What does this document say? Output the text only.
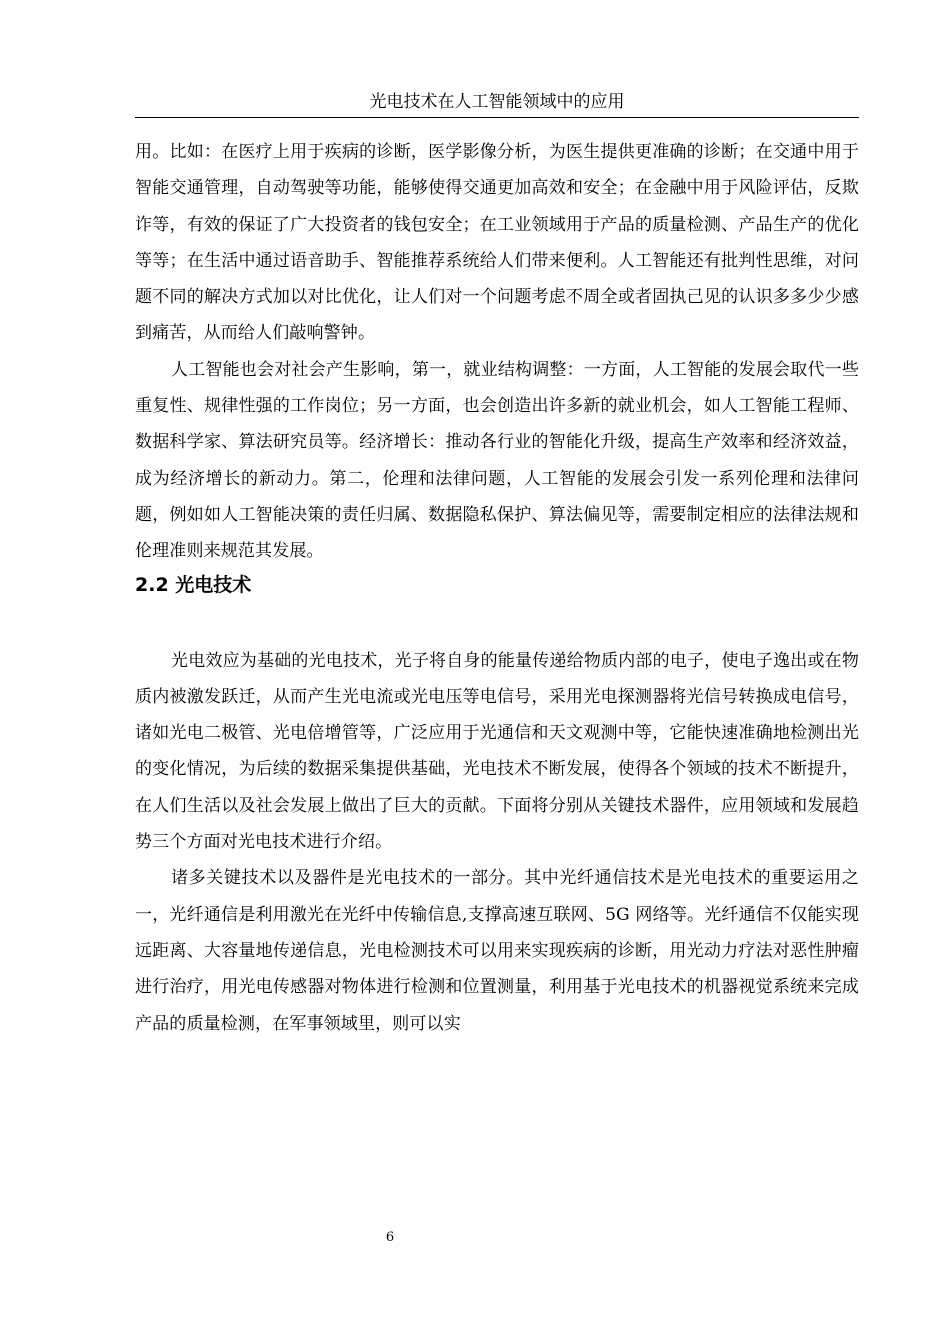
光电技术在人工智能领域中的应用

用。比如：在医疗上用于疾病的诊断，医学影像分析，为医生提供更准确的诊断；在交通中用于智能交通管理，自动驾驶等功能，能够使得交通更加高效和安全；在金融中用于风险评估，反欺诈等，有效的保证了广大投资者的钱包安全；在工业领域用于产品的质量检测、产品生产的优化等等；在生活中通过语音助手、智能推荐系统给人们带来便利。人工智能还有批判性思维，对问题不同的解决方式加以对比优化，让人们对一个问题考虑不周全或者固执己见的认识多多少少感到痛苦，从而给人们敲响警钟。

人工智能也会对社会产生影响，第一，就业结构调整：一方面，人工智能的发展会取代一些重复性、规律性强的工作岗位；另一方面，也会创造出许多新的就业机会，如人工智能工程师、数据科学家、算法研究员等。经济增长：推动各行业的智能化升级，提高生产效率和经济效益，成为经济增长的新动力。第二，伦理和法律问题，人工智能的发展会引发一系列伦理和法律问题，例如如人工智能决策的责任归属、数据隐私保护、算法偏见等，需要制定相应的法律法规和伦理准则来规范其发展。

2.2 光电技术

光电效应为基础的光电技术，光子将自身的能量传递给物质内部的电子，使电子逸出或在物质内被激发跃迁，从而产生光电流或光电压等电信号，采用光电探测器将光信号转换成电信号，诸如光电二极管、光电倍增管等，广泛应用于光通信和天文观测中等，它能快速准确地检测出光的变化情况，为后续的数据采集提供基础，光电技术不断发展，使得各个领域的技术不断提升，在人们生活以及社会发展上做出了巨大的贡献。下面将分别从关键技术器件，应用领域和发展趋势三个方面对光电技术进行介绍。

诸多关键技术以及器件是光电技术的一部分。其中光纤通信技术是光电技术的重要运用之一，光纤通信是利用激光在光纤中传输信息,支撑高速互联网、5G 网络等。光纤通信不仅能实现远距离、大容量地传递信息，光电检测技术可以用来实现疾病的诊断，用光动力疗法对恶性肿瘤进行治疗，用光电传感器对物体进行检测和位置测量，利用基于光电技术的机器视觉系统来完成产品的质量检测，在军事领域里，则可以实

6
